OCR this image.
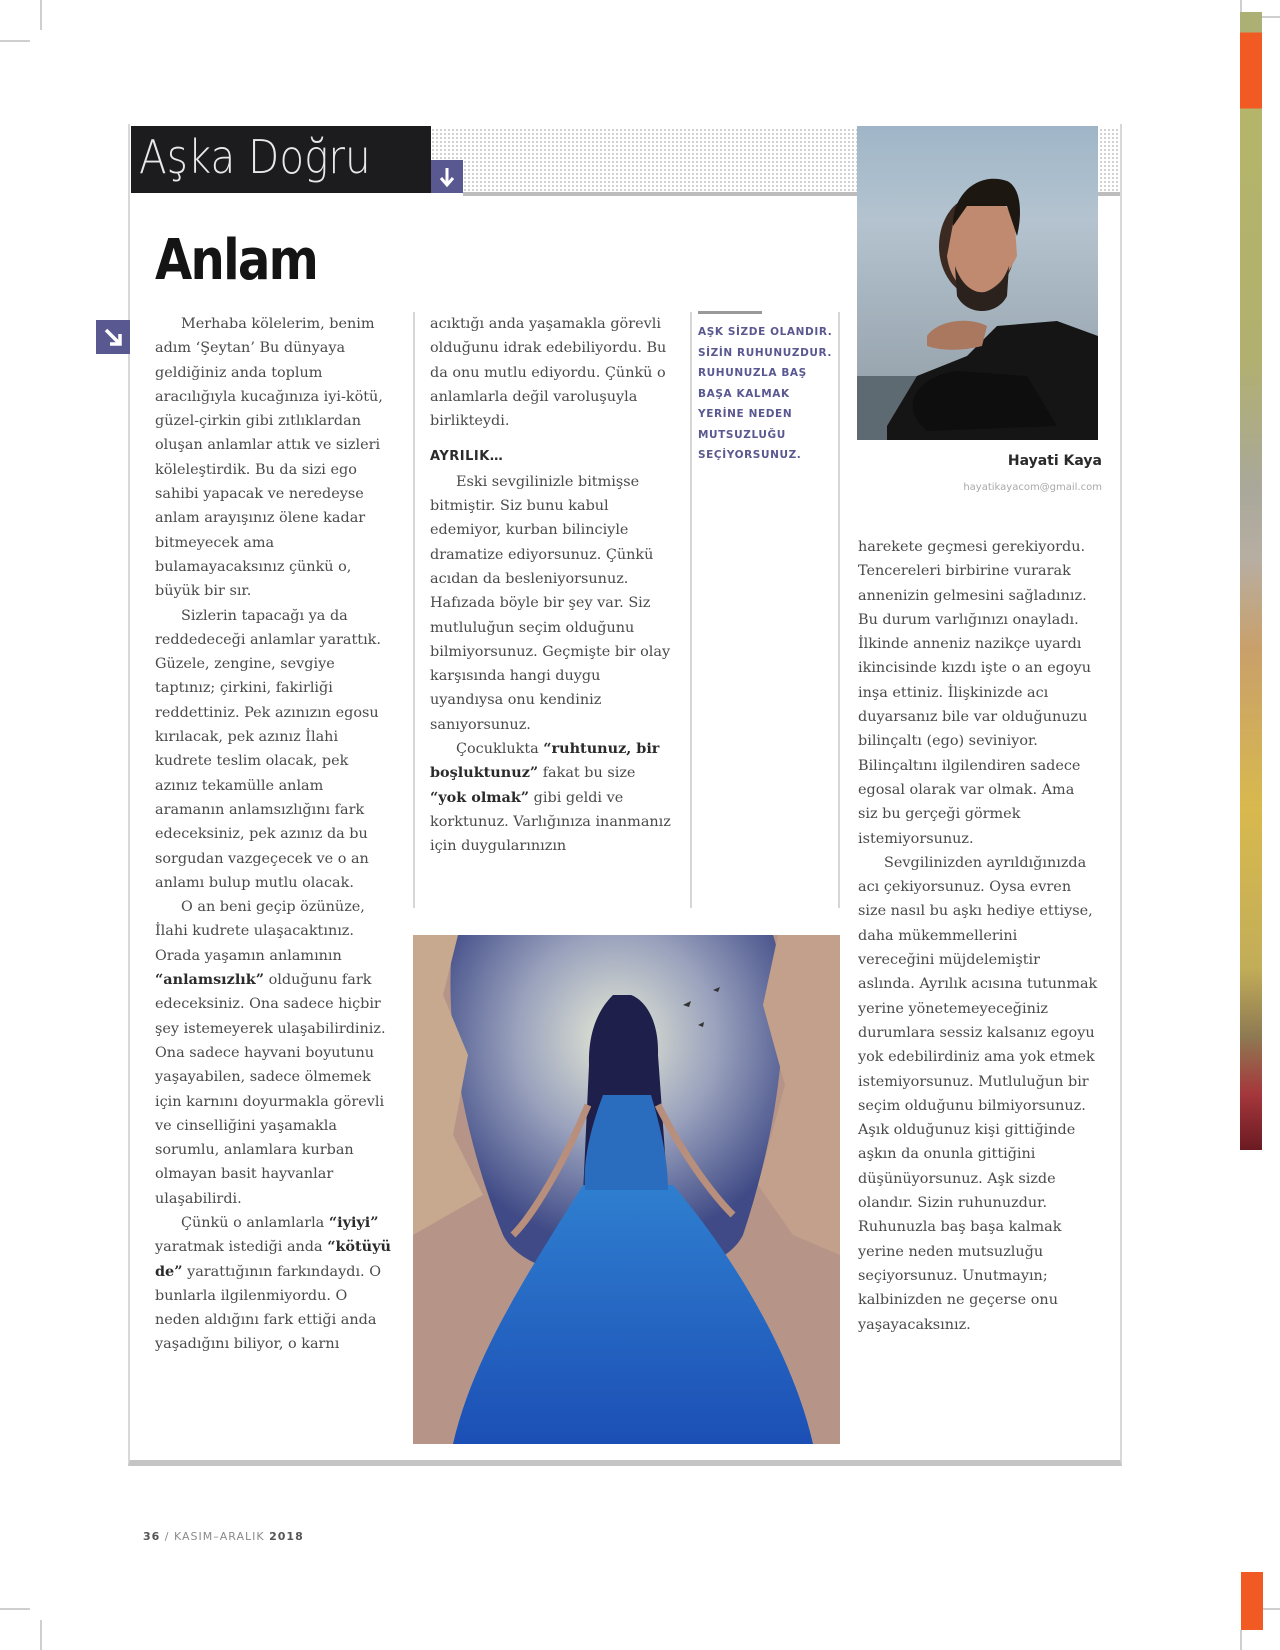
Aşka Doğru
Anlam
Hayati Kaya
hayatikayacom@gmail.com
AŞK SİZDE OLANDIR. SİZİN RUHUNUZDUR. RUHUNUZLA BAŞ BAŞA KALMAK YERİNE NEDEN MUTSUZLUĞU SEÇİYORSUNUZ.

Merhaba kölelerim, benim adım ‘Şeytan’ Bu dünyaya geldiğiniz anda toplum aracılığıyla kucağınıza iyi-kötü, güzel-çirkin gibi zıtlıklardan oluşan anlamlar attık ve sizleri köleleştirdik. Bu da sizi ego sahibi yapacak ve neredeyse anlam arayışınız ölene kadar bitmeyecek ama bulamayacaksınız çünkü o, büyük bir sır.

Sizlerin tapacağı ya da reddedeceği anlamlar yarattık. Güzele, zengine, sevgiye taptınız; çirkini, fakirliği reddettiniz. Pek azınızın egosu kırılacak, pek azınız İlahi kudrete teslim olacak, pek azınız tekamülle anlam aramanın anlamsızlığını fark edeceksiniz, pek azınız da bu sorgudan vazgeçecek ve o an anlamı bulup mutlu olacak.

O an beni geçip özünüze, İlahi kudrete ulaşacaktınız. Orada yaşamın anlamının “anlamsızlık” olduğunu fark edeceksiniz. Ona sadece hiçbir şey istemeyerek ulaşabilirdiniz. Ona sadece hayvani boyutunu yaşayabilen, sadece ölmemek için karnını doyurmakla görevli ve cinselliğini yaşamakla sorumlu, anlamlara kurban olmayan basit hayvanlar ulaşabilirdi.

Çünkü o anlamlarla “iyiyi” yaratmak istediği anda “kötüyü de” yarattığının farkındaydı. O bunlarla ilgilenmiyordu. O neden aldığını fark ettiği anda yaşadığını biliyor, o karnı

acıktığı anda yaşamakla görevli olduğunu idrak edebiliyordu. Bu da onu mutlu ediyordu. Çünkü o anlamlarla değil varoluşuyla birlikteydi.

AYRILIK…

Eski sevgilinizle bitmişse bitmiştir. Siz bunu kabul edemiyor, kurban bilinciyle dramatize ediyorsunuz. Çünkü acıdan da besleniyorsunuz. Hafızada böyle bir şey var. Siz mutluluğun seçim olduğunu bilmiyorsunuz. Geçmişte bir olay karşısında hangi duygu uyandıysa onu kendiniz sanıyorsunuz.

Çocuklukta “ruhtunuz, bir boşluktunuz” fakat bu size “yok olmak” gibi geldi ve korktunuz. Varlığınıza inanmanız için duygularınızın

harekete geçmesi gerekiyordu. Tencereleri birbirine vurarak annenizin gelmesini sağladınız. Bu durum varlığınızı onayladı. İlkinde anneniz nazikçe uyardı ikincisinde kızdı işte o an egoyu inşa ettiniz. İlişkinizde acı duyarsanız bile var olduğunuzu bilinçaltı (ego) seviniyor. Bilinçaltını ilgilendiren sadece egosal olarak var olmak. Ama siz bu gerçeği görmek istemiyorsunuz.

Sevgilinizden ayrıldığınızda acı çekiyorsunuz. Oysa evren size nasıl bu aşkı hediye ettiyse, daha mükemmellerini vereceğini müjdelemiştir aslında. Ayrılık acısına tutunmak yerine yönetemeyeceğiniz durumlara sessiz kalsanız egoyu yok edebilirdiniz ama yok etmek istemiyorsunuz. Mutluluğun bir seçim olduğunu bilmiyorsunuz. Aşık olduğunuz kişi gittiğinde aşkın da onunla gittiğini düşünüyorsunuz. Aşk sizde olandır. Sizin ruhunuzdur. Ruhunuzla baş başa kalmak yerine neden mutsuzluğu seçiyorsunuz. Unutmayın; kalbinizden ne geçerse onu yaşayacaksınız.

36 / KASIM–ARALIK 2018
